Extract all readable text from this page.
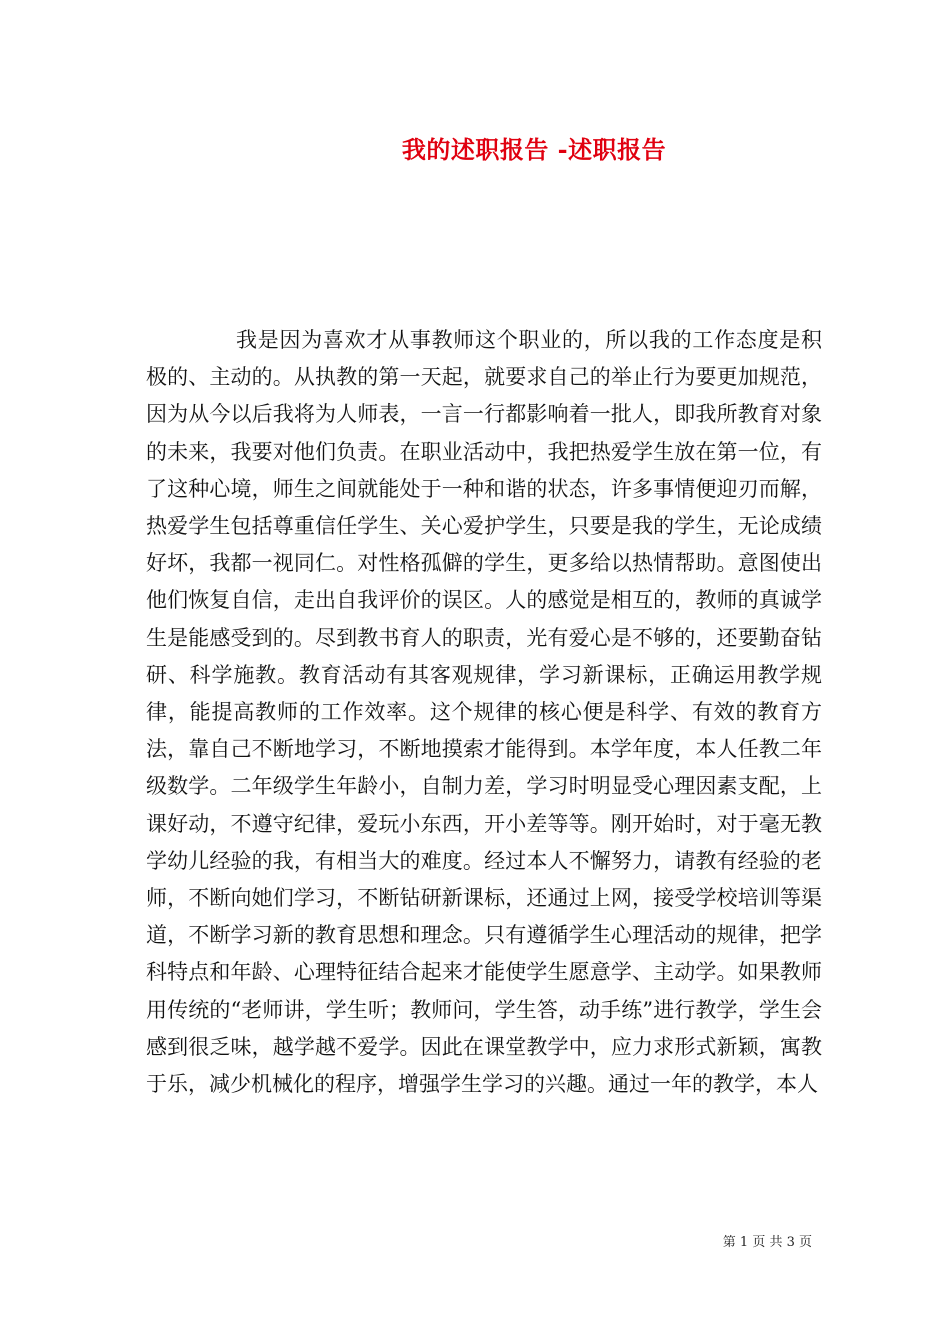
我的述职报告 -述职报告

我是因为喜欢才从事教师这个职业的，所以我的工作态度是积极的、主动的。从执教的第一天起，就要求自己的举止行为要更加规范，因为从今以后我将为人师表，一言一行都影响着一批人，即我所教育对象的未来，我要对他们负责。在职业活动中，我把热爱学生放在第一位，有了这种心境，师生之间就能处于一种和谐的状态，许多事情便迎刃而解，热爱学生包括尊重信任学生、关心爱护学生，只要是我的学生，无论成绩好坏，我都一视同仁。对性格孤僻的学生，更多给以热情帮助。意图使出他们恢复自信，走出自我评价的误区。人的感觉是相互的，教师的真诚学生是能感受到的。尽到教书育人的职责，光有爱心是不够的，还要勤奋钻研、科学施教。教育活动有其客观规律，学习新课标，正确运用教学规律，能提高教师的工作效率。这个规律的核心便是科学、有效的教育方法，靠自己不断地学习，不断地摸索才能得到。本学年度，本人任教二年级数学。二年级学生年龄小，自制力差，学习时明显受心理因素支配，上课好动，不遵守纪律，爱玩小东西，开小差等等。刚开始时，对于毫无教学幼儿经验的我，有相当大的难度。经过本人不懈努力，请教有经验的老师，不断向她们学习，不断钻研新课标，还通过上网，接受学校培训等渠道，不断学习新的教育思想和理念。只有遵循学生心理活动的规律，把学科特点和年龄、心理特征结合起来才能使学生愿意学、主动学。如果教师用传统的“老师讲，学生听；教师问，学生答，动手练”进行教学，学生会感到很乏味，越学越不爱学。因此在课堂教学中，应力求形式新颖，寓教于乐，减少机械化的程序，增强学生学习的兴趣。通过一年的教学，本人

第 1 页 共 3 页
